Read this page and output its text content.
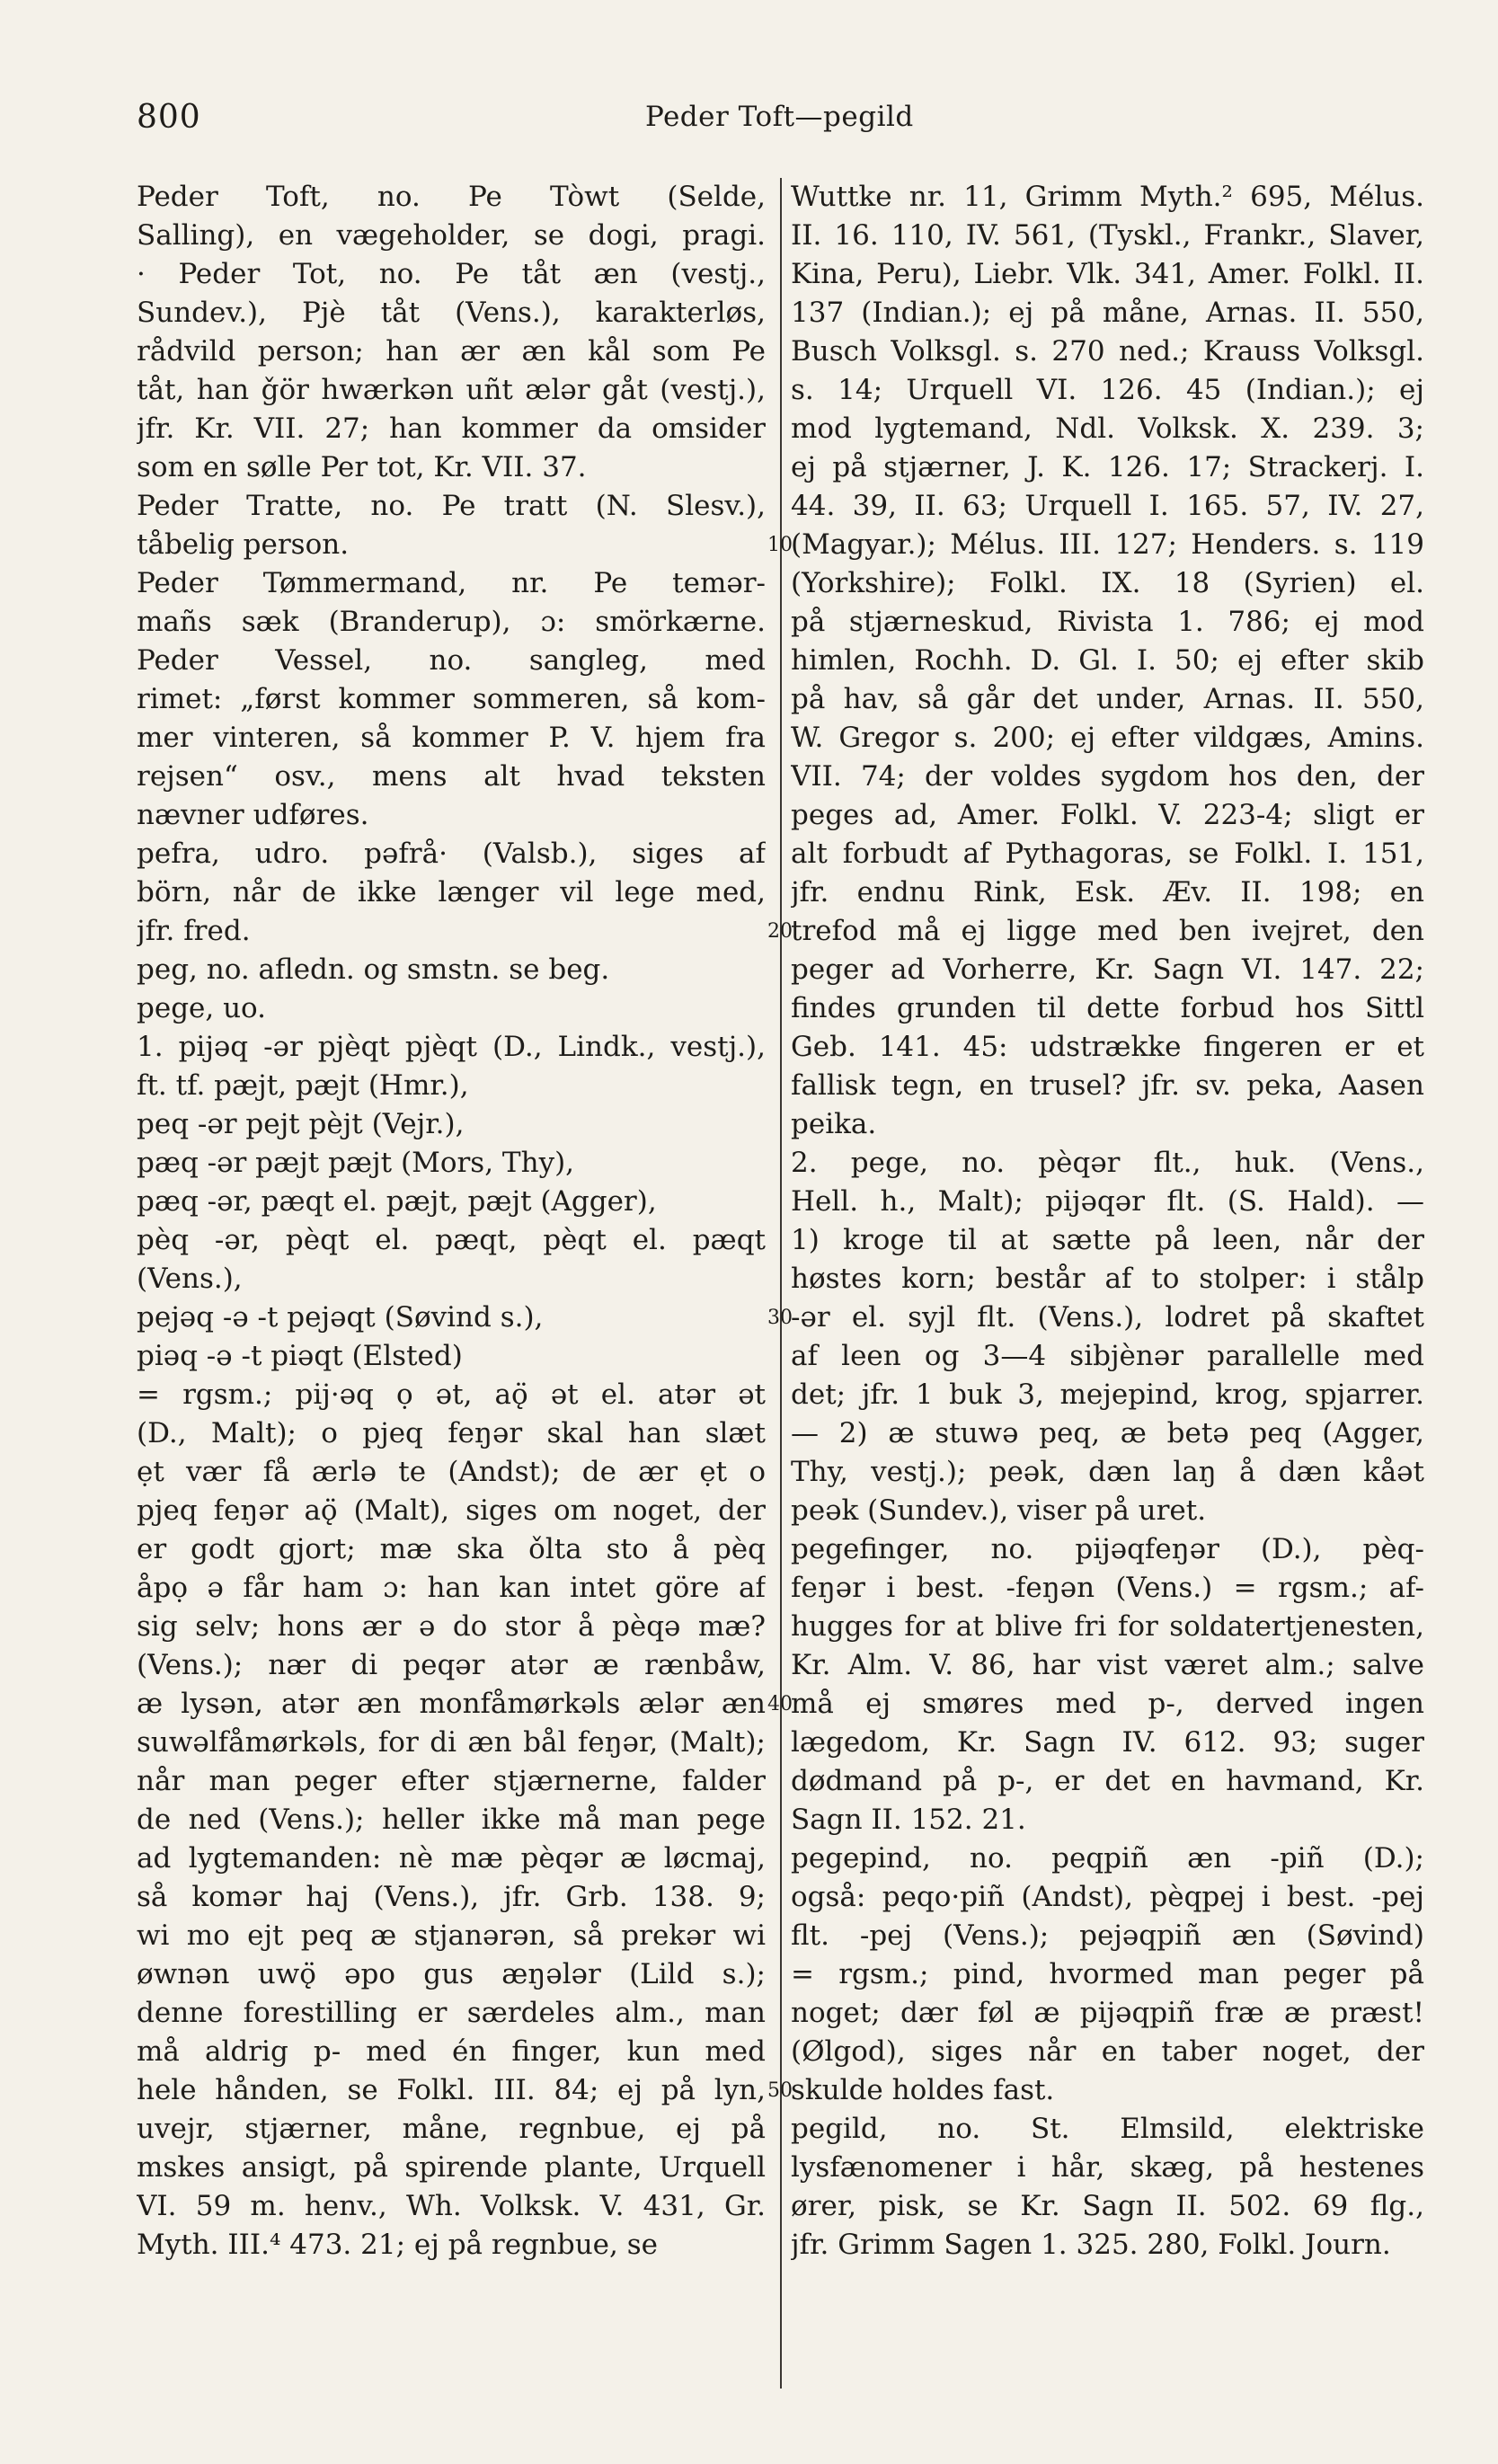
800	Peder Toft—pegild
10
20
30
40
50
Peder Toft, no. Pe Tòwt (Selde,
Salling), en vægeholder, se dogi, pragi.
· Peder Tot, no. Pe tåt æn (vestj.,
Sundev.), Pjè tåt (Vens.), karakterløs,
rådvild person; han ær æn kål som Pe
tåt, han ǧör hwærkən uñt ælər gåt (vestj.),
jfr. Kr. VII. 27; han kommer da omsider
som en sølle Per tot, Kr. VII. 37.
Peder Tratte, no. Pe tratt (N. Slesv.),
tåbelig person.
Peder Tømmermand, nr. Pe temər-
mañs sæk (Branderup), ɔ: smörkærne.
Peder Vessel, no. sangleg, med
rimet: „først kommer sommeren, så kom-
mer vinteren, så kommer P. V. hjem fra
rejsen“ osv., mens alt hvad teksten
nævner udføres.
pefra, udro. pəfrå· (Valsb.), siges af
börn, når de ikke længer vil lege med,
jfr. fred.
peg, no. afledn. og smstn. se beg.
pege, uo.
1. pijəq -ər pjèqt pjèqt (D., Lindk., vestj.),
ft. tf. pæjt, pæjt (Hmr.),
peq -ər pejt pèjt (Vejr.),
pæq -ər pæjt pæjt (Mors, Thy),
pæq -ər, pæqt el. pæjt, pæjt (Agger),
pèq -ər, pèqt el. pæqt, pèqt el. pæqt
(Vens.),
pejəq -ə -t pejəqt (Søvind s.),
piəq -ə -t piəqt (Elsted)
= rgsm.; pij·əq ọ ət, aǫ̈ ət el. atər ət
(D., Malt); o pjeq feŋər skal han slæt
ẹt vær få ærlə te (Andst); de ær ẹt o
pjeq feŋər aǫ̈ (Malt), siges om noget, der
er godt gjort; mæ ska ǒlta sto å pèq
åpọ ə får ham ɔ: han kan intet göre af
sig selv; hons ær ə do stor å pèqə mæ?
(Vens.); nær di peqər atər æ rænbåw,
æ lysən, atər æn monfåmørkəls ælər æn
suwəlfåmørkəls, for di æn bål feŋər, (Malt);
når man peger efter stjærnerne, falder
de ned (Vens.); heller ikke må man pege
ad lygtemanden: nè mæ pèqər æ løcmaj,
så komər haj (Vens.), jfr. Grb. 138. 9;
wi mo ejt peq æ stjanərən, så prekər wi
øwnən uwǫ̈ əpo gus æŋələr (Lild s.);
denne forestilling er særdeles alm., man
må aldrig p- med én finger, kun med
hele hånden, se Folkl. III. 84; ej på lyn,
uvejr, stjærner, måne, regnbue, ej på
mskes ansigt, på spirende plante, Urquell
VI. 59 m. henv., Wh. Volksk. V. 431, Gr.
Myth. III.⁴ 473. 21; ej på regnbue, se
Wuttke nr. 11, Grimm Myth.² 695, Mélus.
II. 16. 110, IV. 561, (Tyskl., Frankr., Slaver,
Kina, Peru), Liebr. Vlk. 341, Amer. Folkl. II.
137 (Indian.); ej på måne, Arnas. II. 550,
Busch Volksgl. s. 270 ned.; Krauss Volksgl.
s. 14; Urquell VI. 126. 45 (Indian.); ej
mod lygtemand, Ndl. Volksk. X. 239. 3;
ej på stjærner, J. K. 126. 17; Strackerj. I.
44. 39, II. 63; Urquell I. 165. 57, IV. 27,
(Magyar.); Mélus. III. 127; Henders. s. 119
(Yorkshire); Folkl. IX. 18 (Syrien) el.
på stjærneskud, Rivista 1. 786; ej mod
himlen, Rochh. D. Gl. I. 50; ej efter skib
på hav, så går det under, Arnas. II. 550,
W. Gregor s. 200; ej efter vildgæs, Amins.
VII. 74; der voldes sygdom hos den, der
peges ad, Amer. Folkl. V. 223-4; sligt er
alt forbudt af Pythagoras, se Folkl. I. 151,
jfr. endnu Rink, Esk. Æv. II. 198; en
trefod må ej ligge med ben ivejret, den
peger ad Vorherre, Kr. Sagn VI. 147. 22;
findes grunden til dette forbud hos Sittl
Geb. 141. 45: udstrække fingeren er et
fallisk tegn, en trusel? jfr. sv. peka, Aasen
peika.
2. pege, no. pèqər flt., huk. (Vens.,
Hell. h., Malt); pijəqər flt. (S. Hald). —
1) kroge til at sætte på leen, når der
høstes korn; består af to stolper: i stålp
-ər el. syjl flt. (Vens.), lodret på skaftet
af leen og 3—4 sibjènər parallelle med
det; jfr. 1 buk 3, mejepind, krog, spjarrer.
— 2) æ stuwə peq, æ betə peq (Agger,
Thy, vestj.); peək, dæn laŋ å dæn kåət
peək (Sundev.), viser på uret.
pegefinger, no. pijəqfeŋər (D.), pèq-
feŋər i best. -feŋən (Vens.) = rgsm.; af-
hugges for at blive fri for soldatertjenesten,
Kr. Alm. V. 86, har vist været alm.; salve
må ej smøres med p-, derved ingen
lægedom, Kr. Sagn IV. 612. 93; suger
dødmand på p-, er det en havmand, Kr.
Sagn II. 152. 21.
pegepind, no. peqpiñ æn -piñ (D.);
også: peqo·piñ (Andst), pèqpej i best. -pej
flt. -pej (Vens.); pejəqpiñ æn (Søvind)
= rgsm.; pind, hvormed man peger på
noget; dær føl æ pijəqpiñ fræ æ præst!
(Ølgod), siges når en taber noget, der
skulde holdes fast.
pegild, no. St. Elmsild, elektriske
lysfænomener i hår, skæg, på hestenes
ører, pisk, se Kr. Sagn II. 502. 69 flg.,
jfr. Grimm Sagen 1. 325. 280, Folkl. Journ.
